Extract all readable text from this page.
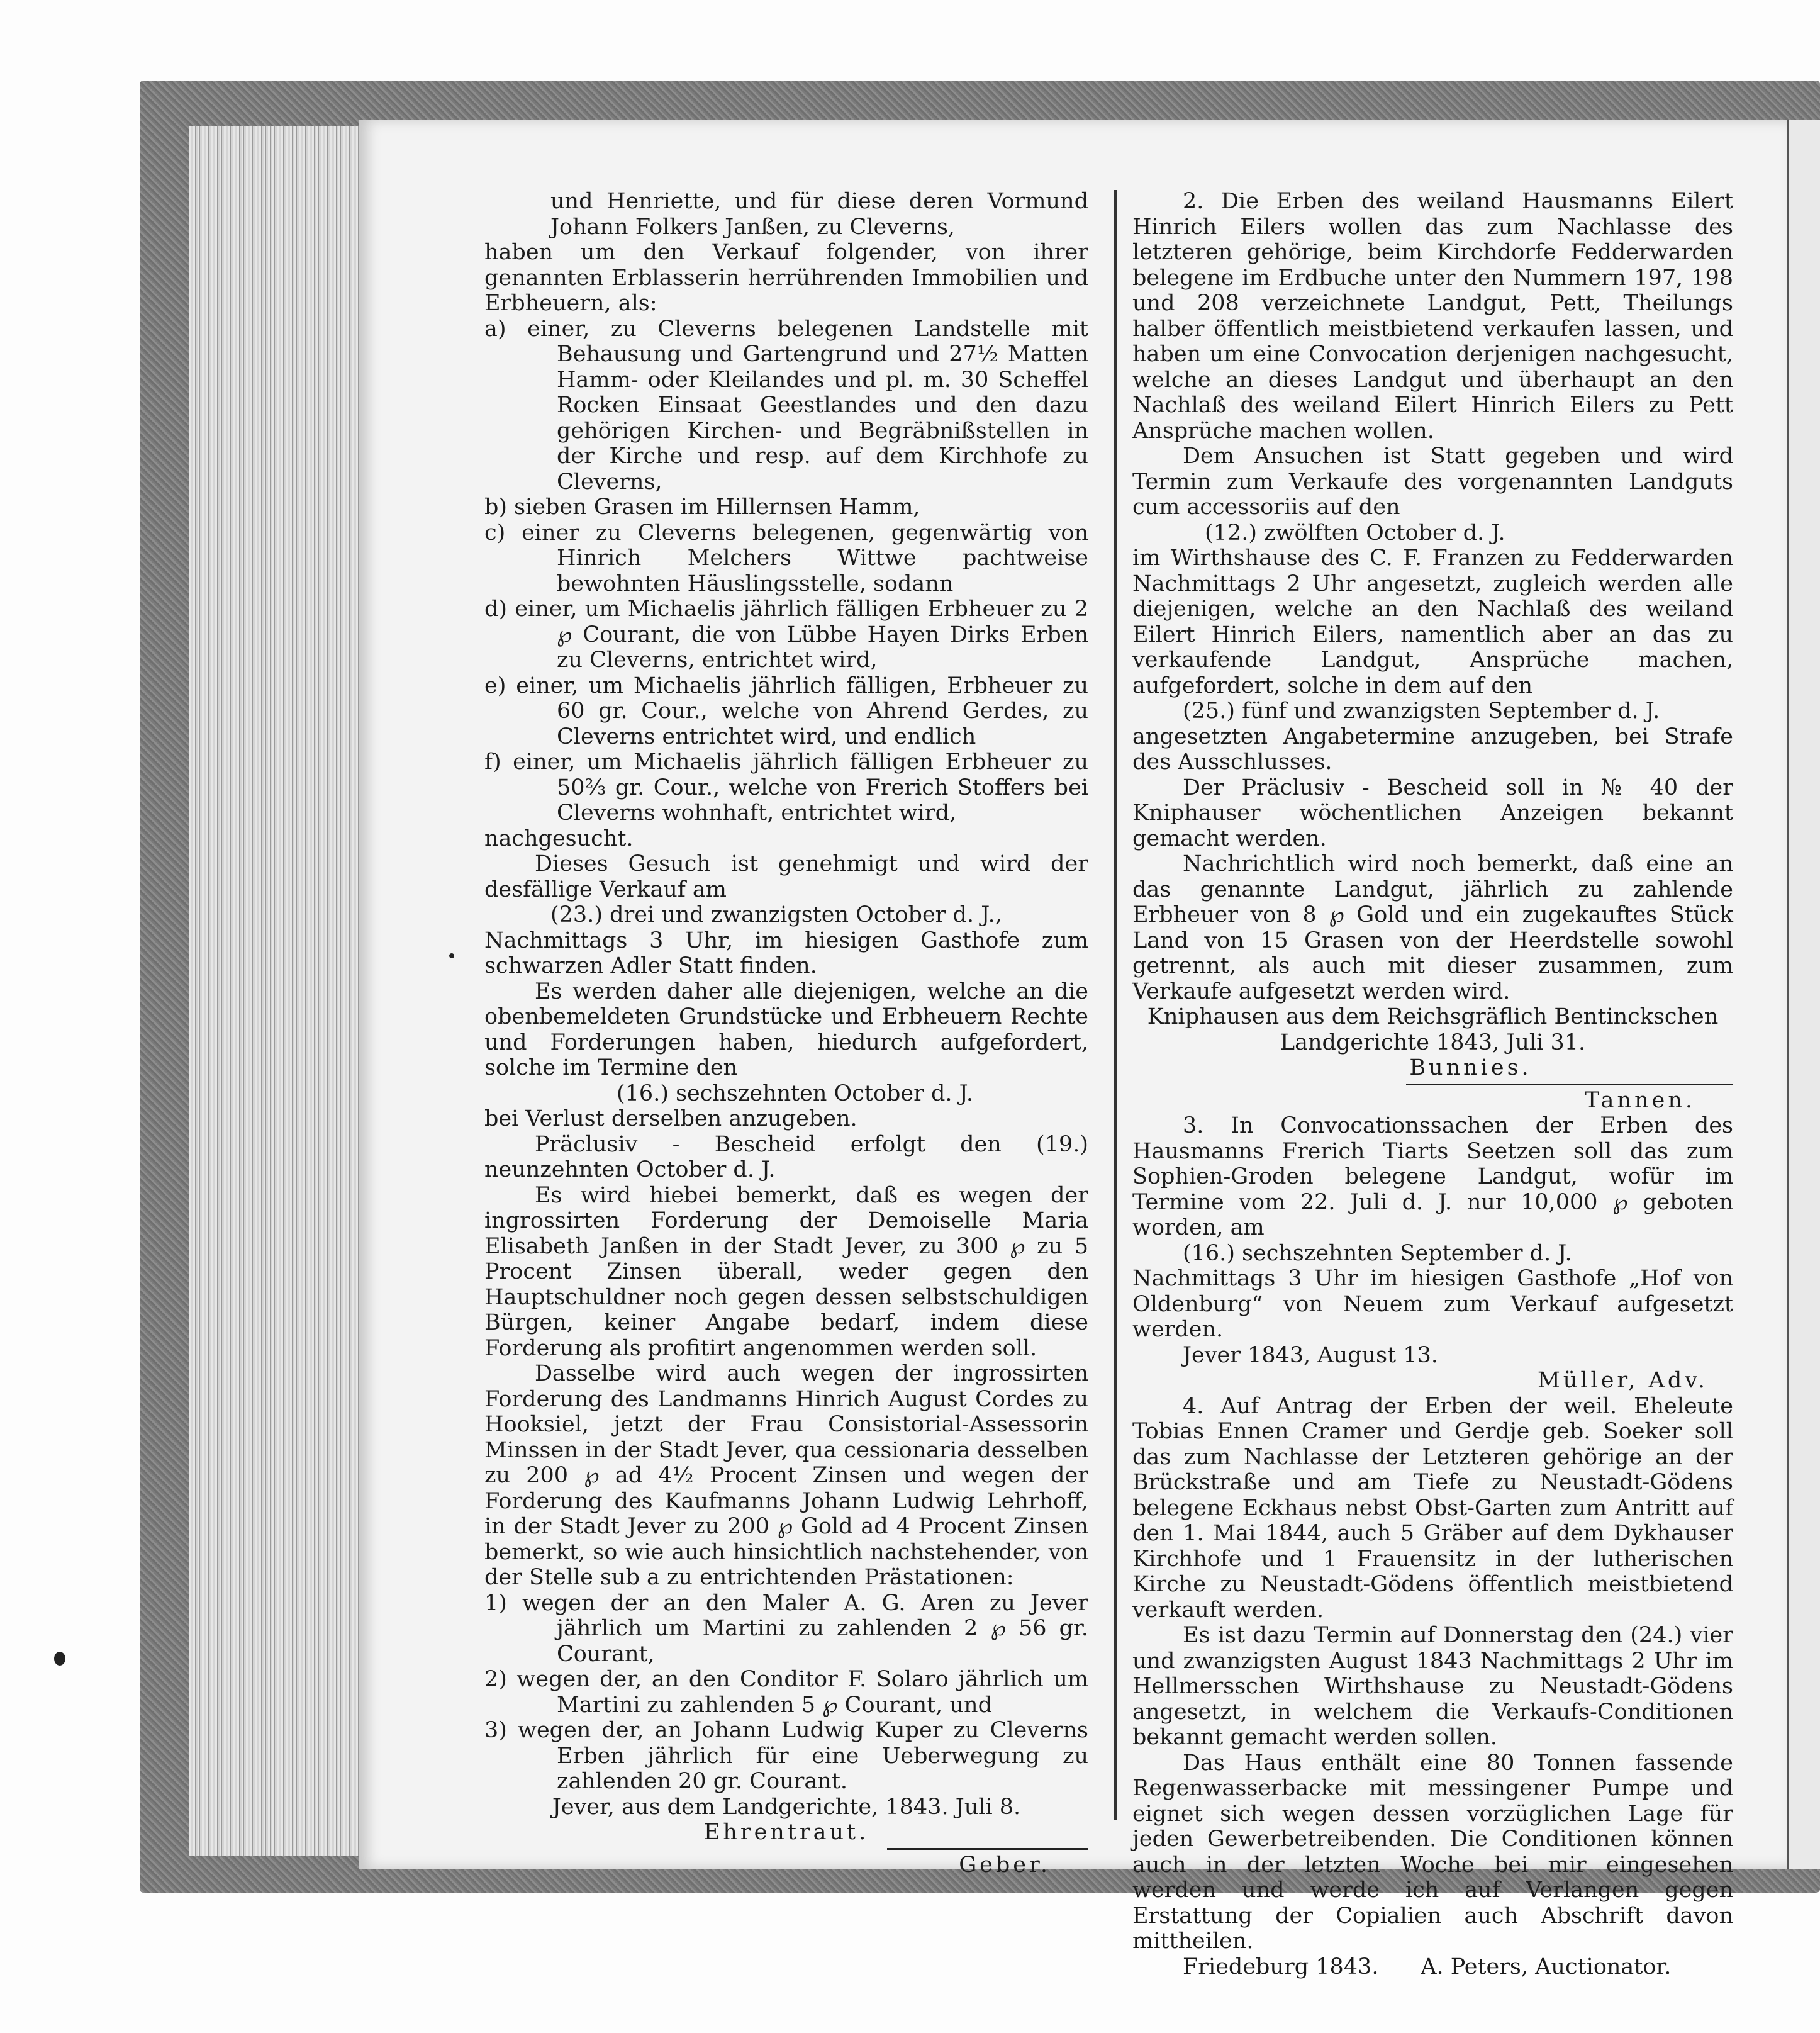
und Henriette, und für diese deren Vormund Johann Folkers Janßen, zu Cleverns,

haben um den Verkauf folgender, von ihrer genannten Erblasserin herrührenden Immobilien und Erbheuern, als:

a) einer, zu Cleverns belegenen Landstelle mit Behausung und Gartengrund und 27½ Matten Hamm- oder Kleilandes und pl. m. 30 Scheffel Rocken Einsaat Geestlandes und den dazu gehörigen Kirchen- und Begräbnißstellen in der Kirche und resp. auf dem Kirchhofe zu Cleverns,

b) sieben Grasen im Hillernsen Hamm,

c) einer zu Cleverns belegenen, gegenwärtig von Hinrich Melchers Wittwe pachtweise bewohnten Häuslingsstelle, sodann

d) einer, um Michaelis jährlich fälligen Erbheuer zu 2 ℘ Courant, die von Lübbe Hayen Dirks Erben zu Cleverns, entrichtet wird,

e) einer, um Michaelis jährlich fälligen, Erbheuer zu 60 gr. Cour., welche von Ahrend Gerdes, zu Cleverns entrichtet wird, und endlich

f) einer, um Michaelis jährlich fälligen Erbheuer zu 50⅔ gr. Cour., welche von Frerich Stoffers bei Cleverns wohnhaft, entrichtet wird,

nachgesucht.

Dieses Gesuch ist genehmigt und wird der desfällige Verkauf am

(23.) drei und zwanzigsten October d. J.,

Nachmittags 3 Uhr, im hiesigen Gasthofe zum schwarzen Adler Statt finden.

Es werden daher alle diejenigen, welche an die obenbemeldeten Grundstücke und Erbheuern Rechte und Forderungen haben, hiedurch aufgefordert, solche im Termine den

(16.) sechszehnten October d. J.

bei Verlust derselben anzugeben.

Präclusiv - Bescheid erfolgt den (19.) neunzehnten October d. J.

Es wird hiebei bemerkt, daß es wegen der ingrossirten Forderung der Demoiselle Maria Elisabeth Janßen in der Stadt Jever, zu 300 ℘ zu 5 Procent Zinsen überall, weder gegen den Hauptschuldner noch gegen dessen selbstschuldigen Bürgen, keiner Angabe bedarf, indem diese Forderung als profitirt angenommen werden soll.

Dasselbe wird auch wegen der ingrossirten Forderung des Landmanns Hinrich August Cordes zu Hooksiel, jetzt der Frau Consistorial-Assessorin Minssen in der Stadt Jever, qua cessionaria desselben zu 200 ℘ ad 4½ Procent Zinsen und wegen der Forderung des Kaufmanns Johann Ludwig Lehrhoff, in der Stadt Jever zu 200 ℘ Gold ad 4 Procent Zinsen bemerkt, so wie auch hinsichtlich nachstehender, von der Stelle sub a zu entrichtenden Prästationen:

1) wegen der an den Maler A. G. Aren zu Jever jährlich um Martini zu zahlenden 2 ℘ 56 gr. Courant,

2) wegen der, an den Conditor F. Solaro jährlich um Martini zu zahlenden 5 ℘ Courant, und

3) wegen der, an Johann Ludwig Kuper zu Cleverns Erben jährlich für eine Ueberwegung zu zahlenden 20 gr. Courant.

Jever, aus dem Landgerichte, 1843. Juli 8.

Ehrentraut.

Geber.

2. Die Erben des weiland Hausmanns Eilert Hinrich Eilers wollen das zum Nachlasse des letzteren gehörige, beim Kirchdorfe Fedderwarden belegene im Erdbuche unter den Nummern 197, 198 und 208 verzeichnete Landgut, Pett, Theilungs halber öffentlich meistbietend verkaufen lassen, und haben um eine Convocation derjenigen nachgesucht, welche an dieses Landgut und überhaupt an den Nachlaß des weiland Eilert Hinrich Eilers zu Pett Ansprüche machen wollen.

Dem Ansuchen ist Statt gegeben und wird Termin zum Verkaufe des vorgenannten Landguts cum accessoriis auf den

(12.) zwölften October d. J.

im Wirthshause des C. F. Franzen zu Fedderwarden Nachmittags 2 Uhr angesetzt, zugleich werden alle diejenigen, welche an den Nachlaß des weiland Eilert Hinrich Eilers, namentlich aber an das zu verkaufende Landgut, Ansprüche machen, aufgefordert, solche in dem auf den

(25.) fünf und zwanzigsten September d. J.

angesetzten Angabetermine anzugeben, bei Strafe des Ausschlusses.

Der Präclusiv - Bescheid soll in № 40 der Kniphauser wöchentlichen Anzeigen bekannt gemacht werden.

Nachrichtlich wird noch bemerkt, daß eine an das genannte Landgut, jährlich zu zahlende Erbheuer von 8 ℘ Gold und ein zugekauftes Stück Land von 15 Grasen von der Heerdstelle sowohl getrennt, als auch mit dieser zusammen, zum Verkaufe aufgesetzt werden wird.

Kniphausen aus dem Reichsgräflich Bentinckschen Landgerichte 1843, Juli 31.

Bunnies.

Tannen.

3. In Convocationssachen der Erben des Hausmanns Frerich Tiarts Seetzen soll das zum Sophien-Groden belegene Landgut, wofür im Termine vom 22. Juli d. J. nur 10,000 ℘ geboten worden, am

(16.) sechszehnten September d. J.

Nachmittags 3 Uhr im hiesigen Gasthofe „Hof von Oldenburg“ von Neuem zum Verkauf aufgesetzt werden.

Jever 1843, August 13.

Müller, Adv.

4. Auf Antrag der Erben der weil. Eheleute Tobias Ennen Cramer und Gerdje geb. Soeker soll das zum Nachlasse der Letzteren gehörige an der Brückstraße und am Tiefe zu Neustadt-Gödens belegene Eckhaus nebst Obst-Garten zum Antritt auf den 1. Mai 1844, auch 5 Gräber auf dem Dykhauser Kirchhofe und 1 Frauensitz in der lutherischen Kirche zu Neustadt-Gödens öffentlich meistbietend verkauft werden.

Es ist dazu Termin auf Donnerstag den (24.) vier und zwanzigsten August 1843 Nachmittags 2 Uhr im Hellmersschen Wirthshause zu Neustadt-Gödens angesetzt, in welchem die Verkaufs-Conditionen bekannt gemacht werden sollen.

Das Haus enthält eine 80 Tonnen fassende Regenwasserbacke mit messingener Pumpe und eignet sich wegen dessen vorzüglichen Lage für jeden Gewerbetreibenden. Die Conditionen können auch in der letzten Woche bei mir eingesehen werden und werde ich auf Verlangen gegen Erstattung der Copialien auch Abschrift davon mittheilen.

Friedeburg 1843.      A. Peters, Auctionator.
